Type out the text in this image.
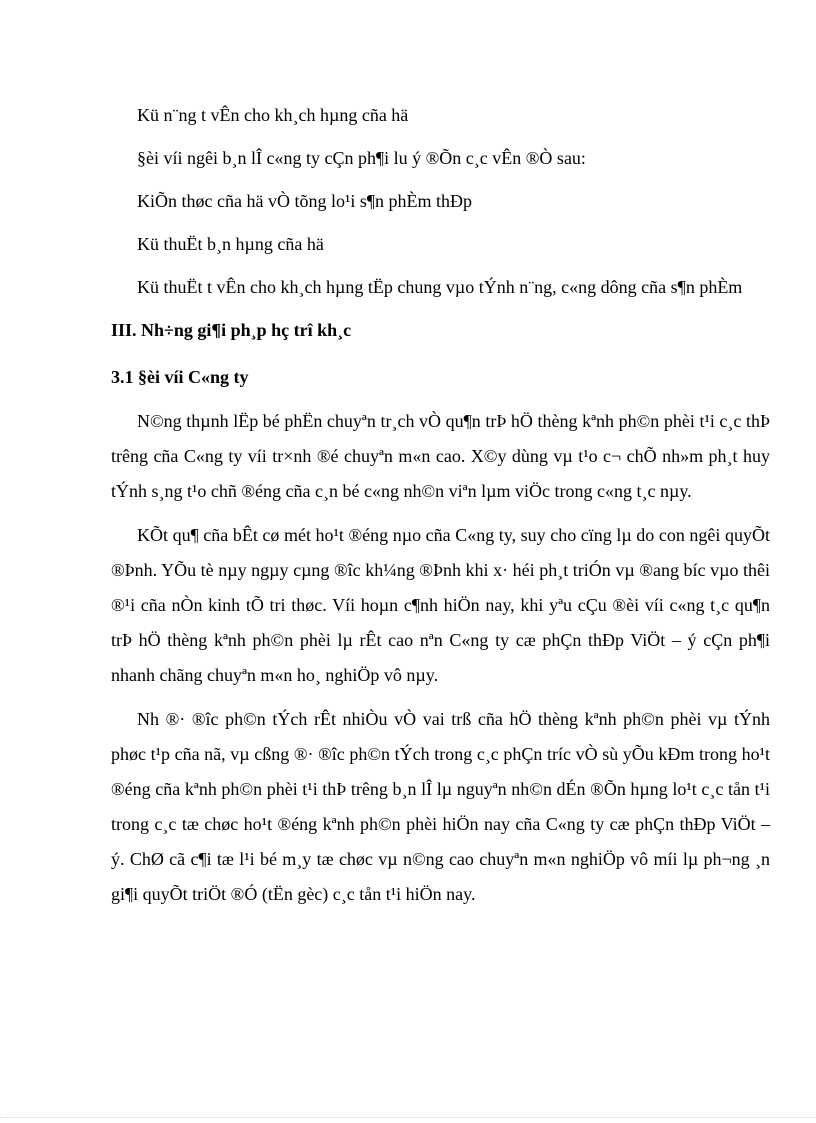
Kü n¨ng t vÊn cho kh¸ch hµng cña hä

§èi víi ngêi b¸n lÎ c«ng ty cÇn ph¶i lu ý ®Õn c¸c vÊn ®Ò sau:

KiÕn thøc cña hä vÒ tõng lo¹i s¶n phÈm thÐp

Kü thuËt b¸n hµng cña hä

Kü thuËt t vÊn cho kh¸ch hµng tËp chung vµo tÝnh n¨ng, c«ng dông cña s¶n phÈm

III. Nh÷ng gi¶i ph¸p hç trî kh¸c
3.1 §èi víi C«ng ty

N©ng thµnh lËp bé phËn chuyªn tr¸ch vÒ qu¶n trÞ hÖ thèng kªnh ph©n phèi t¹i c¸c thÞ trêng cña C«ng ty víi tr×nh ®é chuyªn m«n cao. X©y dùng vµ t¹o c¬ chÕ nh»m ph¸t huy tÝnh s¸ng t¹o chñ ®éng cña c¸n bé c«ng nh©n viªn lµm viÖc trong c«ng t¸c nµy.

KÕt qu¶ cña bÊt cø mét ho¹t ®éng nµo cña C«ng ty, suy cho cïng lµ do con ngêi quyÕt ®Þnh. YÕu tè nµy ngµy cµng ®îc kh¼ng ®Þnh khi x· héi ph¸t triÓn vµ ®ang bíc vµo thêi ®¹i cña nÒn kinh tÕ tri thøc. Víi hoµn c¶nh hiÖn nay, khi yªu cÇu ®èi víi c«ng t¸c qu¶n trÞ hÖ thèng kªnh ph©n phèi lµ rÊt cao nªn C«ng ty cæ phÇn thÐp ViÖt – ý cÇn ph¶i nhanh chãng chuyªn m«n ho¸ nghiÖp vô nµy.

Nh ®· ®îc ph©n tÝch rÊt nhiÒu vÒ vai trß cña hÖ thèng kªnh ph©n phèi vµ tÝnh phøc t¹p cña nã, vµ cßng ®· ®îc ph©n tÝch trong c¸c phÇn tríc vÒ sù yÕu kÐm trong ho¹t ®éng cña kªnh ph©n phèi t¹i thÞ trêng b¸n lÎ lµ nguyªn nh©n dÉn ®Õn hµng lo¹t c¸c tån t¹i trong c¸c tæ chøc ho¹t ®éng kªnh ph©n phèi hiÖn nay cña C«ng ty cæ phÇn thÐp ViÖt – ý. ChØ cã c¶i tæ l¹i bé m¸y tæ chøc vµ n©ng cao chuyªn m«n nghiÖp vô míi lµ ph¬ng ¸n gi¶i quyÕt triÖt ®Ó (tËn gèc) c¸c tån t¹i hiÖn nay.
